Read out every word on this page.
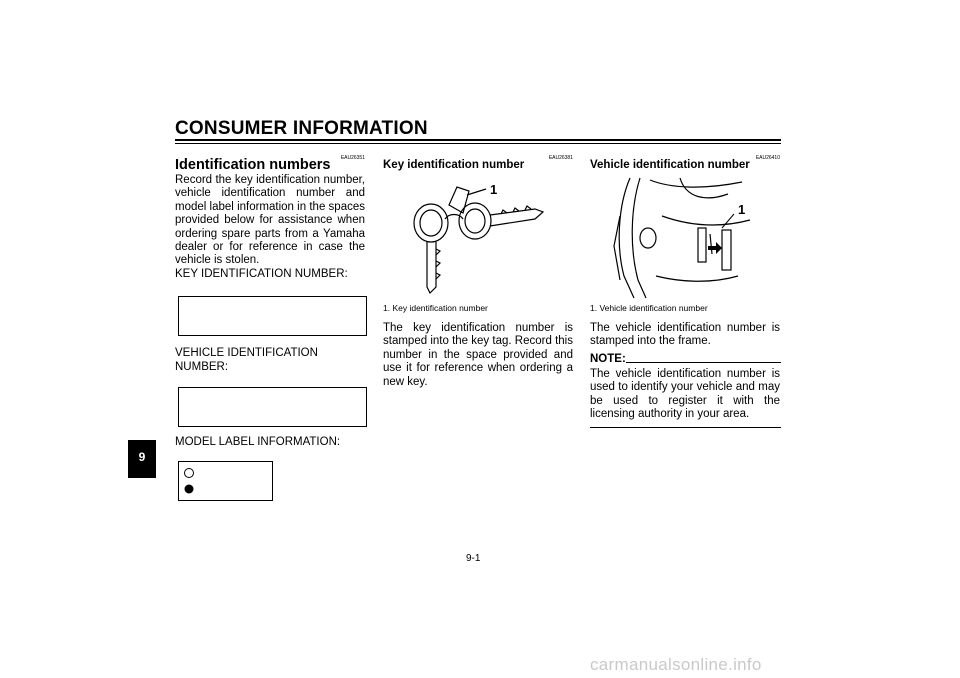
CONSUMER INFORMATION
9
EAU26351
Identification numbers
Record the key identification number, vehicle identification number and model label information in the spaces provided below for assistance when ordering spare parts from a Yamaha dealer or for reference in case the vehicle is stolen.
KEY IDENTIFICATION NUMBER:
VEHICLE IDENTIFICATION
NUMBER:
MODEL LABEL INFORMATION:
EAU26381
Key identification number
1
1. Key identification number
The key identification number is stamped into the key tag. Record this number in the space provided and use it for reference when ordering a new key.
EAU26410
Vehicle identification number
1
1. Vehicle identification number
The vehicle identification number is stamped into the frame.
NOTE:
The vehicle identification number is used to identify your vehicle and may be used to register it with the licensing authority in your area.
9-1
carmanualsonline.info
